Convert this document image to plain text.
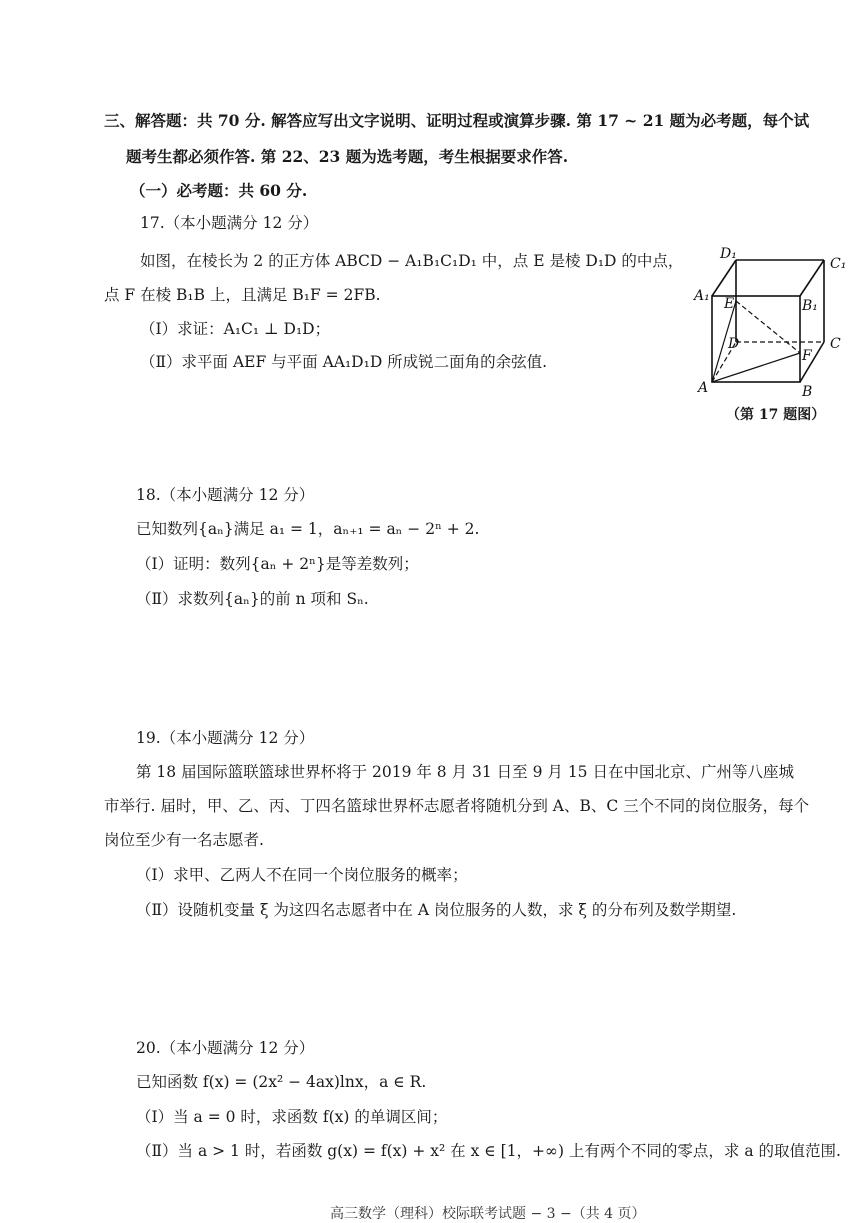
三、解答题：共 70 分. 解答应写出文字说明、证明过程或演算步骤. 第 17 ~ 21 题为必考题，每个试
题考生都必须作答. 第 22、23 题为选考题，考生根据要求作答.
（一）必考题：共 60 分.
17.（本小题满分 12 分）
如图，在棱长为 2 的正方体 ABCD − A₁B₁C₁D₁ 中，点 E 是棱 D₁D 的中点，
点 F 在棱 B₁B 上，且满足 B₁F = 2FB.
（Ⅰ）求证：A₁C₁ ⊥ D₁D；
（Ⅱ）求平面 AEF 与平面 AA₁D₁D 所成锐二面角的余弦值.
D₁
C₁
A₁ E	B₁
D	C
F
A	B
（第 17 题图）
18.（本小题满分 12 分）
已知数列{aₙ}满足 a₁ = 1，aₙ₊₁ = aₙ − 2ⁿ + 2.
（Ⅰ）证明：数列{aₙ + 2ⁿ}是等差数列；
（Ⅱ）求数列{aₙ}的前 n 项和 Sₙ.
19.（本小题满分 12 分）
第 18 届国际篮联篮球世界杯将于 2019 年 8 月 31 日至 9 月 15 日在中国北京、广州等八座城
市举行. 届时，甲、乙、丙、丁四名篮球世界杯志愿者将随机分到 A、B、C 三个不同的岗位服务，每个
岗位至少有一名志愿者.
（Ⅰ）求甲、乙两人不在同一个岗位服务的概率；
（Ⅱ）设随机变量 ξ 为这四名志愿者中在 A 岗位服务的人数，求 ξ 的分布列及数学期望.
20.（本小题满分 12 分）
已知函数 f(x) = (2x² − 4ax)lnx，a ∈ R.
（Ⅰ）当 a = 0 时，求函数 f(x) 的单调区间；
（Ⅱ）当 a > 1 时，若函数 g(x) = f(x) + x² 在 x ∈ [1，+∞) 上有两个不同的零点，求 a 的取值范围.
高三数学（理科）校际联考试题 − 3 −（共 4 页）
